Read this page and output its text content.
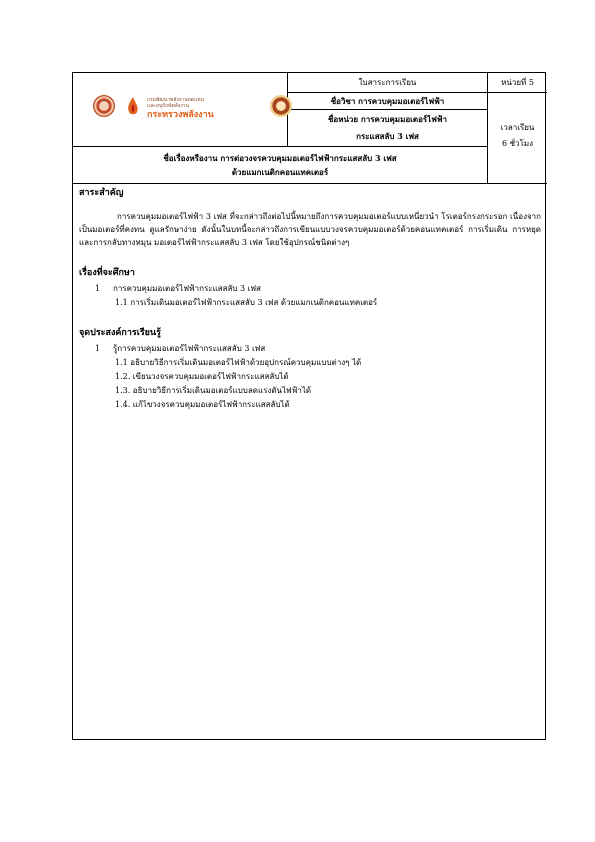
กรมพัฒนาพลังงานทดแทน
และอนุรักษ์พลังงาน
กระทรวงพลังงาน
ใบสาระการเรียน	หน่วยที่ 5
ชื่อวิชา การควบคุมมอเตอร์ไฟฟ้า
ชื่อหน่วย การควบคุมมอเตอร์ไฟฟ้า
กระแสสลับ 3 เฟส
เวลาเรียน
6 ชั่วโมง
ชื่อเรื่องหรืองาน การต่อวงจรควบคุมมอเตอร์ไฟฟ้ากระแสสลับ 3 เฟส
ด้วยแมกเนติกคอนแทคเตอร์
สาระสำคัญ
การควบคุมมอเตอร์ไฟฟ้า 3 เฟส ที่จะกล่าวถึงต่อไปนี้หมายถึงการควบคุมมอเตอร์แบบเหนี่ยวนำ โรเตอร์กรงกระรอก เนื่องจากเป็นมอเตอร์ที่คงทน ดูแลรักษาง่าย ดังนั้นในบทนี้จะกล่าวถึงการเขียนแบบวงจรควบคุมมอเตอร์ด้วยคอนแทคเตอร์ การเริ่มเดิน การหยุดและการกลับทางหมุน มอเตอร์ไฟฟ้ากระแสสลับ 3 เฟส โดยใช้อุปกรณ์ชนิดต่างๆ
เรื่องที่จะศึกษา
1 การควบคุมมอเตอร์ไฟฟ้ากระแสสลับ 3 เฟส
1.1 การเริ่มเดินมอเตอร์ไฟฟ้ากระแสสลับ 3 เฟส ด้วยแมกเนติกคอนแทคเตอร์
จุดประสงค์การเรียนรู้
1 รู้การควบคุมมอเตอร์ไฟฟ้ากระแสสลับ 3 เฟส
1.1 อธิบายวิธีการเริ่มเดินมอเตอร์ไฟฟ้าด้วยอุปกรณ์ควบคุมแบบต่างๆ ได้
1.2. เขียนวงจรควบคุมมอเตอร์ไฟฟ้ากระแสสลับได้
1.3. อธิบายวิธีการเริ่มเดินมอเตอร์แบบลดแรงดันไฟฟ้าได้
1.4. แก้ไขวงจรควบคุมมอเตอร์ไฟฟ้ากระแสสลับได้
